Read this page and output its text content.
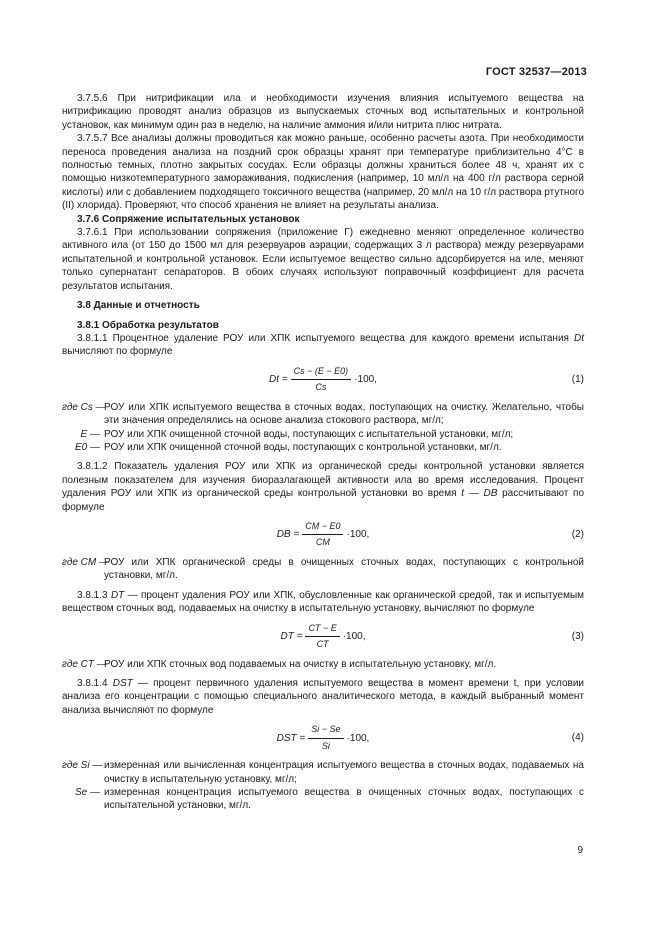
ГОСТ 32537—2013

3.7.5.6 При нитрификации ила и необходимости изучения влияния испытуемого вещества на нитрификацию проводят анализ образцов из выпускаемых сточных вод испытательных и контрольной установок, как минимум один раз в неделю, на наличие аммония и/или нитрита плюс нитрата.

3.7.5.7 Все анализы должны проводиться как можно раньше, особенно расчеты азота. При необходимости переноса проведения анализа на поздний срок образцы хранят при температуре приблизительно 4°С в полностью темных, плотно закрытых сосудах. Если образцы должны храниться более 48 ч, хранят их с помощью низкотемпературного замораживания, подкисления (например, 10 мл/л на 400 г/л раствора серной кислоты) или с добавлением подходящего токсичного вещества (например, 20 мл/л на 10 г/л раствора ртутного (II) хлорида). Проверяют, что способ хранения не влияет на результаты анализа.

3.7.6 Сопряжение испытательных установок

3.7.6.1 При использовании сопряжения (приложение Г) ежедневно меняют определенное количество активного ила (от 150 до 1500 мл для резервуаров аэрации, содержащих 3 л раствора) между резервуарами испытательной и контрольной установок. Если испытуемое вещество сильно адсорбируется на иле, меняют только супернатант сепараторов. В обоих случаях используют поправочный коэффициент для расчета результатов испытания.

3.8 Данные и отчетность

3.8.1 Обработка результатов

3.8.1.1 Процентное удаление РОУ или ХПК испытуемого вещества для каждого времени испытания Dt вычисляют по формуле

$Dt = \frac{Cs - (E - E0)}{Cs} \cdot 100$,	(1)
где Cs —
РОУ или ХПК испытуемого вещества в сточных водах, поступающих на очистку. Желательно, чтобы эти значения определялись на основе анализа стокового раствора, мг/л;
E — РОУ или ХПК очищенной сточной воды, поступающих с испытательной установки, мг/л;
E0 — РОУ или ХПК очищенной сточной воды, поступающих с контрольной установки, мг/л.

3.8.1.2 Показатель удаления РОУ или ХПК из органической среды контрольной установки является полезным показателем для изучения биоразлагающей активности ила во время исследования. Процент удаления РОУ или ХПК из органической среды контрольной установки во время t — DB рассчитывают по формуле

DB = $\frac{CM - E0}{CM} \cdot 100$,	(2)
где CM —
РОУ или ХПК органической среды в очищенных сточных водах, поступающих с контрольной установки, мг/л.

3.8.1.3 DT — процент удаления РОУ или ХПК, обусловленные как органической средой, так и испытуемым веществом сточных вод, подаваемых на очистку в испытательную установку, вычисляют по формуле

DT = $\frac{CT - E}{CT} \cdot 100$,	(3)
где CT —
РОУ или ХПК сточных вод подаваемых на очистку в испытательную установку, мг/л.

3.8.1.4 DST — процент первичного удаления испытуемого вещества в момент времени t, при условии анализа его концентрации с помощью специального аналитического метода, в каждый выбранный момент анализа вычисляют по формуле

DST = $\frac{Si - Se}{Si} \cdot 100$,	(4)
где Si — измеренная или вычисленная концентрация испытуемого вещества в сточных водах, подаваемых на очистку в испытательную установку, мг/л;
Se — измеренная концентрация испытуемого вещества в очищенных сточных водах, поступающих с испытательной установки, мг/л.
9
